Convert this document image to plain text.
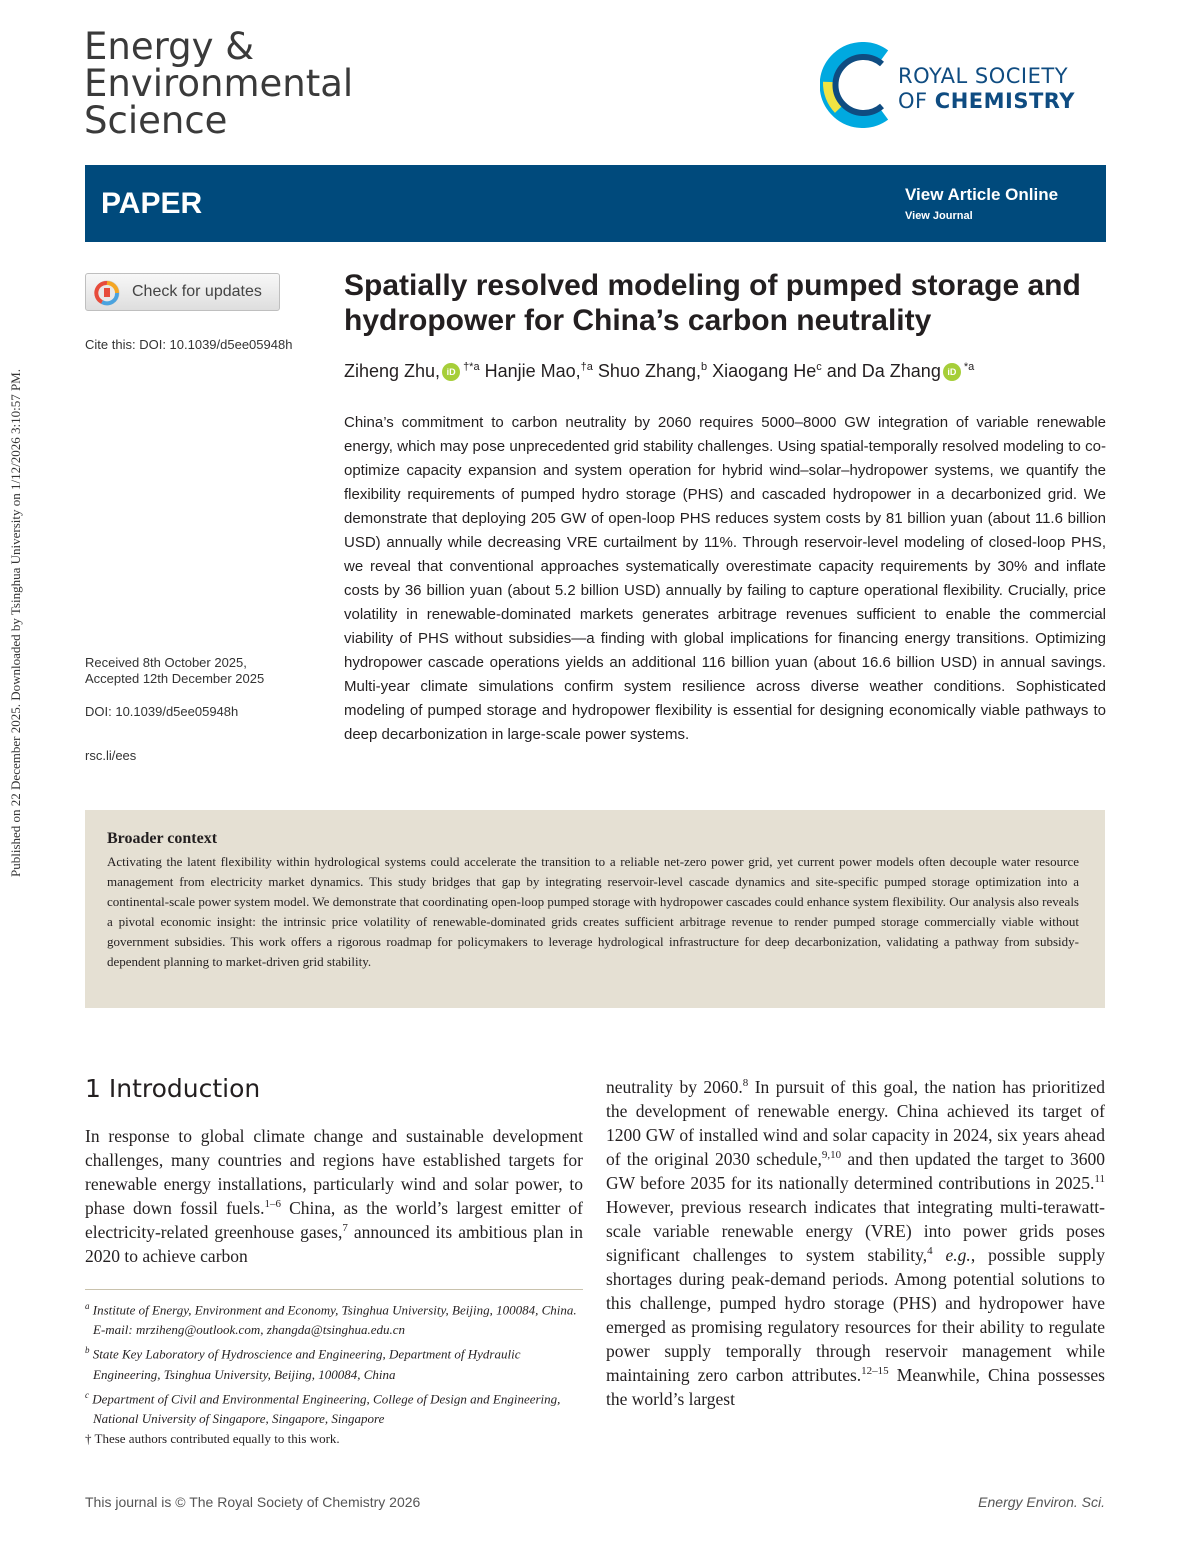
Energy &
Environmental
Science
ROYAL SOCIETY
OF CHEMISTRY
PAPER	View Article Online
View Journal
Published on 22 December 2025. Downloaded by Tsinghua University on 1/12/2026 3:10:57 PM.
Check for updates
Cite this: DOI: 10.1039/d5ee05948h
Received 8th October 2025,
Accepted 12th December 2025
DOI: 10.1039/d5ee05948h
rsc.li/ees
Spatially resolved modeling of pumped storage and hydropower for China’s carbon neutrality
Ziheng Zhu, iD $^{\dagger*a}$ Hanjie Mao,$^{\dagger a}$ Shuo Zhang,$^b$ Xiaogang He$^c$ and Da Zhang iD $^{*a}$
China’s commitment to carbon neutrality by 2060 requires 5000–8000 GW integration of variable renewable energy, which may pose unprecedented grid stability challenges. Using spatial-temporally resolved modeling to co-optimize capacity expansion and system operation for hybrid wind–solar–hydropower systems, we quantify the flexibility requirements of pumped hydro storage (PHS) and cascaded hydropower in a decarbonized grid. We demonstrate that deploying 205 GW of open-loop PHS reduces system costs by 81 billion yuan (about 11.6 billion USD) annually while decreasing VRE curtailment by 11%. Through reservoir-level modeling of closed-loop PHS, we reveal that conventional approaches systematically overestimate capacity requirements by 30% and inflate costs by 36 billion yuan (about 5.2 billion USD) annually by failing to capture operational flexibility. Crucially, price volatility in renewable-dominated markets generates arbitrage revenues sufficient to enable the commercial viability of PHS without subsidies—a finding with global implications for financing energy transitions. Optimizing hydropower cascade operations yields an additional 116 billion yuan (about 16.6 billion USD) in annual savings. Multi-year climate simulations confirm system resilience across diverse weather conditions. Sophisticated modeling of pumped storage and hydropower flexibility is essential for designing economically viable pathways to deep decarbonization in large-scale power systems.
Broader context
Activating the latent flexibility within hydrological systems could accelerate the transition to a reliable net-zero power grid, yet current power models often decouple water resource management from electricity market dynamics. This study bridges that gap by integrating reservoir-level cascade dynamics and site-specific pumped storage optimization into a continental-scale power system model. We demonstrate that coordinating open-loop pumped storage with hydropower cascades could enhance system flexibility. Our analysis also reveals a pivotal economic insight: the intrinsic price volatility of renewable-dominated grids creates sufficient arbitrage revenue to render pumped storage commercially viable without government subsidies. This work offers a rigorous roadmap for policymakers to leverage hydrological infrastructure for deep decarbonization, validating a pathway from subsidy-dependent planning to market-driven grid stability.
1 Introduction
In response to global climate change and sustainable development challenges, many countries and regions have established targets for renewable energy installations, particularly wind and solar power, to phase down fossil fuels.$^{1-6}$ China, as the world’s largest emitter of electricity-related greenhouse gases,$^7$ announced its ambitious plan in 2020 to achieve carbon
neutrality by 2060.$^8$ In pursuit of this goal, the nation has prioritized the development of renewable energy. China achieved its target of 1200 GW of installed wind and solar capacity in 2024, six years ahead of the original 2030 schedule,$^{9,10}$ and then updated the target to 3600 GW before 2035 for its nationally determined contributions in 2025.11 However, previous research indicates that integrating multi-terawatt-scale variable renewable energy (VRE) into power grids poses significant challenges to system stability,$^4$ e.g., possible supply shortages during peak-demand periods. Among potential solutions to this challenge, pumped hydro storage (PHS) and hydropower have emerged as promising regulatory resources for their ability to regulate power supply temporally through reservoir management while maintaining zero carbon attributes.$^{12-15}$ Meanwhile, China possesses the world’s largest
$^a$ Institute of Energy, Environment and Economy, Tsinghua University, Beijing, 100084, China. E-mail: mrziheng@outlook.com, zhangda@tsinghua.edu.cn
$^b$ State Key Laboratory of Hydroscience and Engineering, Department of Hydraulic Engineering, Tsinghua University, Beijing, 100084, China
$^c$ Department of Civil and Environmental Engineering, College of Design and Engineering, National University of Singapore, Singapore, Singapore
† These authors contributed equally to this work.
This journal is © The Royal Society of Chemistry 2026	Energy Environ. Sci.
